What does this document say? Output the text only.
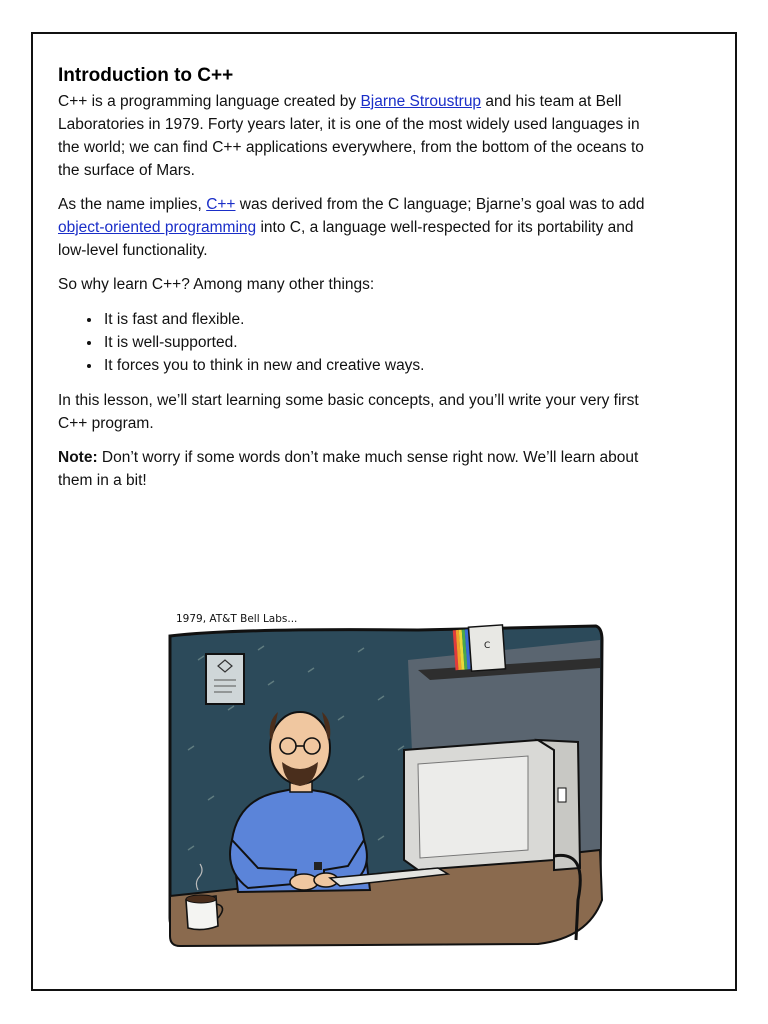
Introduction to C++

C++ is a programming language created by Bjarne Stroustrup and his team at Bell Laboratories in 1979. Forty years later, it is one of the most widely used languages in the world; we can find C++ applications everywhere, from the bottom of the oceans to the surface of Mars.

As the name implies, C++ was derived from the C language; Bjarne’s goal was to add object-oriented programming into C, a language well-respected for its portability and low-level functionality.

So why learn C++? Among many other things:

• It is fast and flexible.
• It is well-supported.
• It forces you to think in new and creative ways.

In this lesson, we’ll start learning some basic concepts, and you’ll write your very first C++ program.

Note: Don’t worry if some words don’t make much sense right now. We’ll learn about them in a bit!

1979, AT&T Bell Labs...
C
